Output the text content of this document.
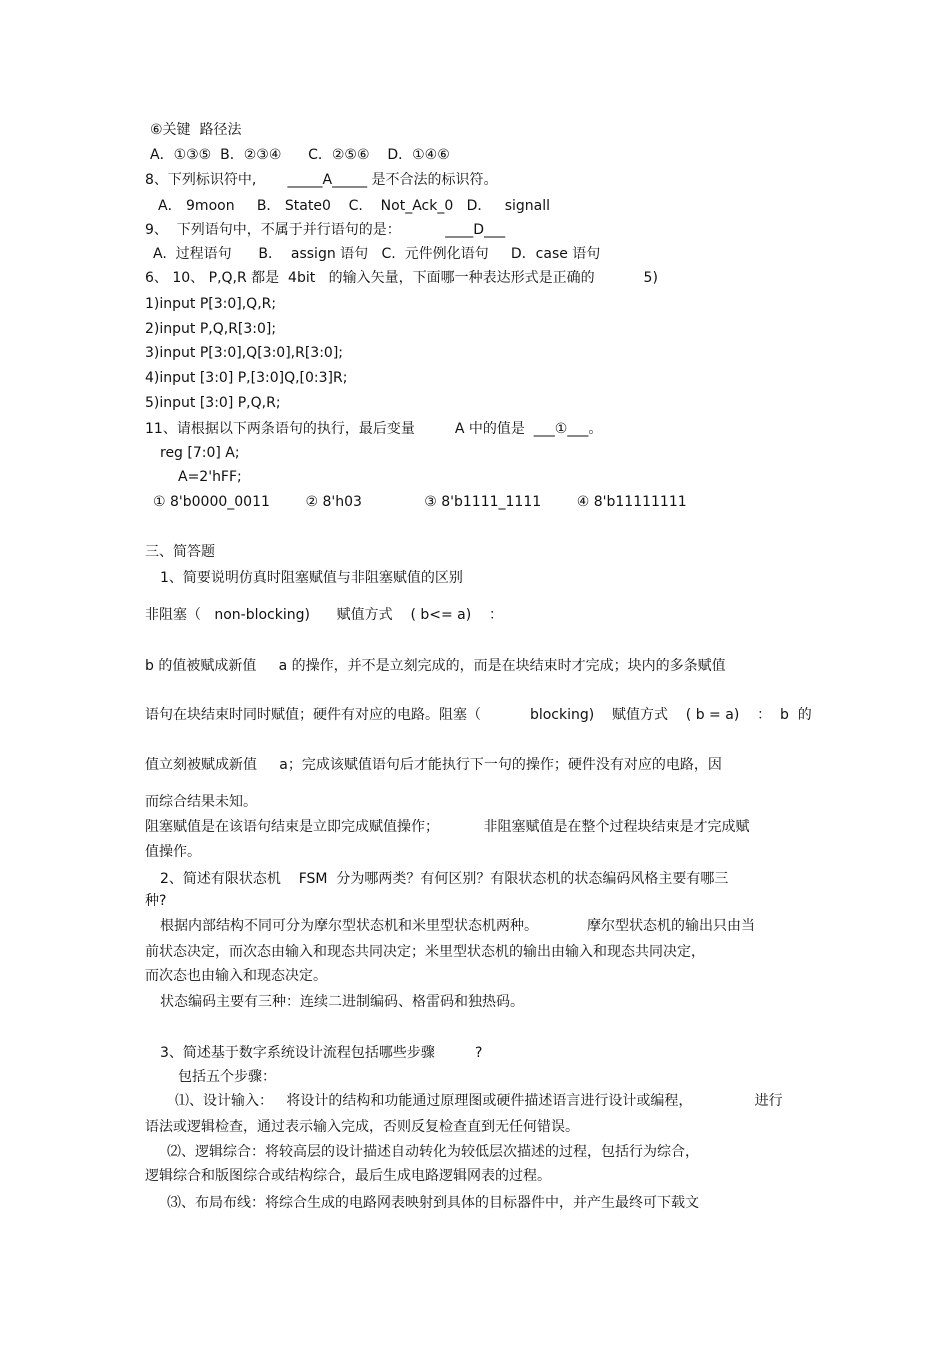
⑥关键  路径法

A．①③⑤  B．②③④      C．②⑤⑥    D．①④⑥

8、下列标识符中,       _____A_____ 是不合法的标识符。

A． 9moon     B． State0    C.    Not_Ack_0   D．   signall

9、  下列语句中，不属于并行语句的是：          ____D___

A.  过程语句      B．  assign 语句   C.  元件例化语句     D．case 语句

6、 10、 P,Q,R 都是  4bit   的输入矢量，下面哪一种表达形式是正确的           5)

1)input P[3:0],Q,R;

2)input P,Q,R[3:0];

3)input P[3:0],Q[3:0],R[3:0];

4)input [3:0] P,[3:0]Q,[0:3]R;

5)input [3:0] P,Q,R;

11、请根据以下两条语句的执行，最后变量         A 中的值是  ___①___。

reg [7:0] A;

A=2'hFF;

① 8'b0000_0011        ② 8'h03              ③ 8'b1111_1111        ④ 8'b11111111

三、简答题

1、简要说明仿真时阻塞赋值与非阻塞赋值的区别

非阻塞（   non-blocking)      赋值方式    ( b<= a)    ：

b 的值被赋成新值     a 的操作，并不是立刻完成的，而是在块结束时才完成；块内的多条赋值

语句在块结束时同时赋值；硬件有对应的电路。阻塞（           blocking)    赋值方式    ( b = a)    ：  b  的

值立刻被赋成新值     a；完成该赋值语句后才能执行下一句的操作；硬件没有对应的电路，因

而综合结果未知。

阻塞赋值是在该语句结束是立即完成赋值操作；          非阻塞赋值是在整个过程块结束是才完成赋

值操作。

2、简述有限状态机    FSM  分为哪两类？有何区别？有限状态机的状态编码风格主要有哪三

种?

根据内部结构不同可分为摩尔型状态机和米里型状态机两种。           摩尔型状态机的输出只由当

前状态决定，而次态由输入和现态共同决定；米里型状态机的输出由输入和现态共同决定，

而次态也由输入和现态决定。

状态编码主要有三种：连续二进制编码、格雷码和独热码。

3、简述基于数字系统设计流程包括哪些步骤         ?

包括五个步骤：

⑴、设计输入：   将设计的结构和功能通过原理图或硬件描述语言进行设计或编程，              进行

语法或逻辑检查，通过表示输入完成，否则反复检查直到无任何错误。

⑵、逻辑综合：将较高层的设计描述自动转化为较低层次描述的过程，包括行为综合，

逻辑综合和版图综合或结构综合，最后生成电路逻辑网表的过程。

⑶、布局布线：将综合生成的电路网表映射到具体的目标器件中，并产生最终可下载文
